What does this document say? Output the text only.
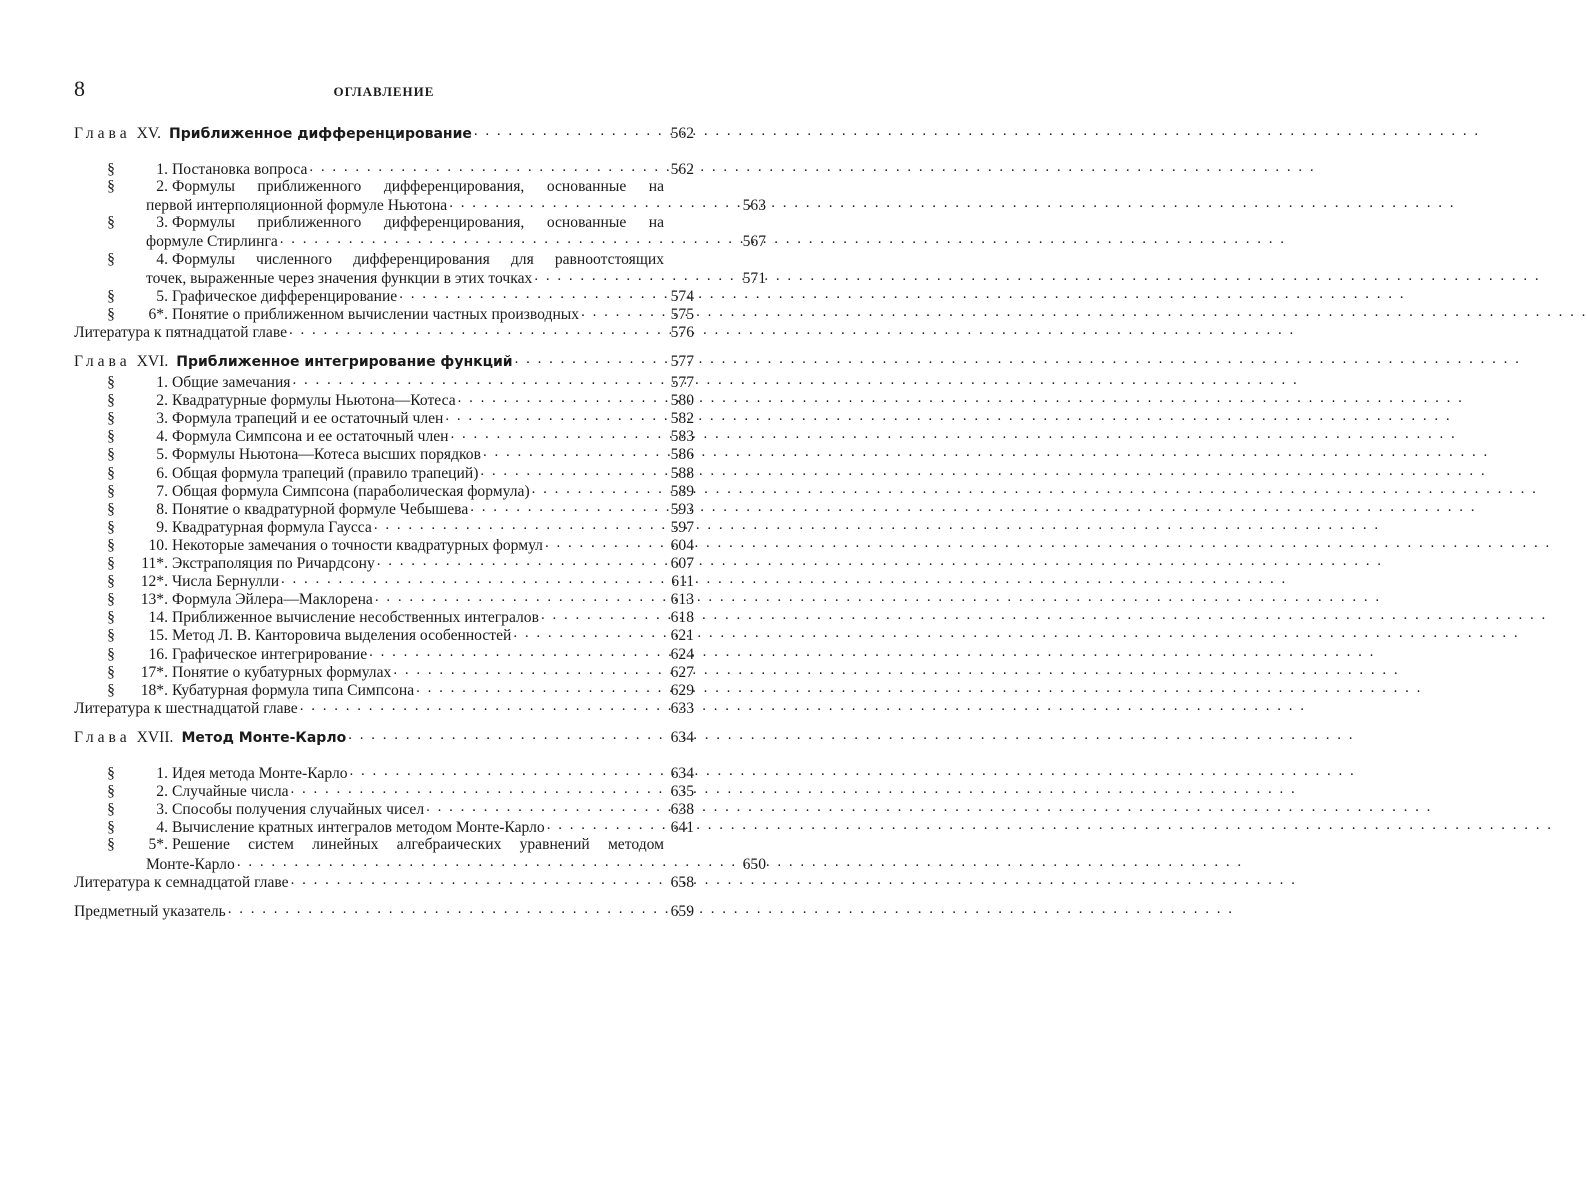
8	ОГЛАВЛЕНИЕ
Глава XV. Приближенное дифференцирование . . .	562
§	1. Постановка вопроса . . .	562
§	2. Формулы приближенного дифференцирования, основанные на
первой интерполяционной формуле Ньютона . . .	563
§	3. Формулы приближенного дифференцирования, основанные на
формуле Стирлинга . . .	567
§	4. Формулы численного дифференцирования для равноотстоящих
точек, выраженные через значения функции в этих точках . . .	571
§	5. Графическое дифференцирование . . .	574
§	6*. Понятие о приближенном вычислении частных производных . . .	575
Литература к пятнадцатой главе . . .	576
Глава XVI. Приближенное интегрирование функций . . .	577
§	1. Общие замечания . . .	577
§	2. Квадратурные формулы Ньютона—Котеса . . .	580
§	3. Формула трапеций и ее остаточный член . . .	582
§	4. Формула Симпсона и ее остаточный член . . .	583
§	5. Формулы Ньютона—Котеса высших порядков . . .	586
§	6. Общая формула трапеций (правило трапеций) . . .	588
§	7. Общая формула Симпсона (параболическая формула) . . .	589
§	8. Понятие о квадратурной формуле Чебышева . . .	593
§	9. Квадратурная формула Гаусса . . .	597
§	10. Некоторые замечания о точности квадратурных формул . . .	604
§	11*. Экстраполяция по Ричардсону . . .	607
§	12*. Числа Бернулли . . .	611
§	13*. Формула Эйлера—Маклорена . . .	613
§	14. Приближенное вычисление несобственных интегралов . . .	618
§	15. Метод Л. В. Канторовича выделения особенностей . . .	621
§	16. Графическое интегрирование . . .	624
§	17*. Понятие о кубатурных формулах . . .	627
§	18*. Кубатурная формула типа Симпсона . . .	629
Литература к шестнадцатой главе . . .	633
Глава XVII. Метод Монте-Карло . . .	634
§	1. Идея метода Монте-Карло . . .	634
§	2. Случайные числа . . .	635
§	3. Способы получения случайных чисел . . .	638
§	4. Вычисление кратных интегралов методом Монте-Карло . . .	641
§	5*. Решение систем линейных алгебраических уравнений методом
Монте-Карло . . .	650
Литература к семнадцатой главе . . .	658
Предметный указатель . . .	659
